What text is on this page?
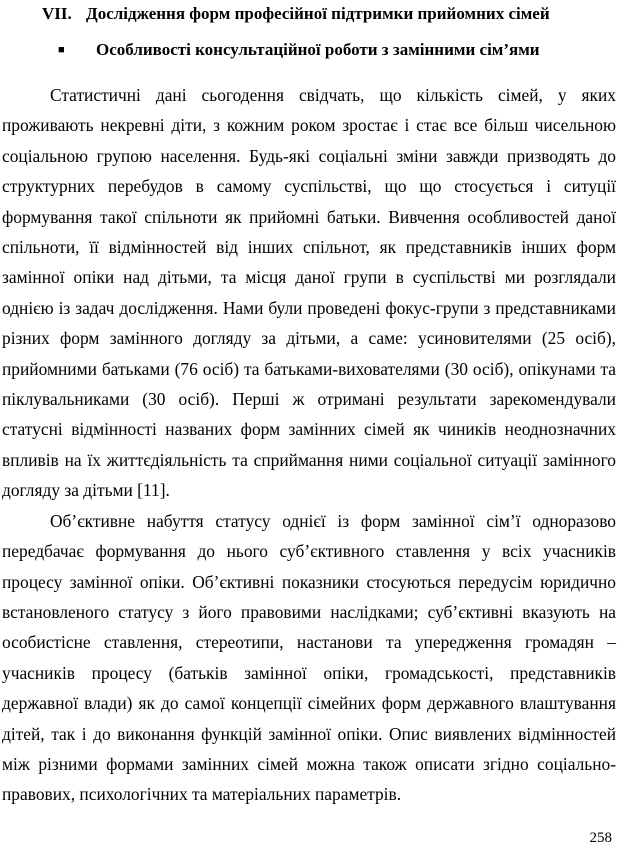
VII. Дослідження форм професійної підтримки прийомних сімей
■ Особливості консультаційної роботи з замінними сім’ями

Статистичні дані сьогодення свідчать, що кількість сімей, у яких проживають некревні діти, з кожним роком зростає і стає все більш чисельною соціальною групою населення. Будь-які соціальні зміни завжди призводять до структурних перебудов в самому суспільстві, що що стосується і ситуції формування такої спільноти як прийомні батьки. Вивчення особливостей даної спільноти, її відмінностей від інших спільнот, як представників інших форм замінної опіки над дітьми, та місця даної групи в суспільстві ми розглядали однією із задач дослідження. Нами були проведені фокус-групи з представниками різних форм замінного догляду за дітьми, а саме: усиновителями (25 осіб), прийомними батьками (76 осіб) та батьками-вихователями (30 осіб), опікунами та піклувальниками (30 осіб). Перші ж отримані результати зарекомендували статусні відмінності названих форм замінних сімей як чиників неоднозначних впливів на їх життєдіяльність та сприймання ними соціальної ситуації замінного догляду за дітьми [11].

Об’єктивне набуття статусу однієї із форм замінної сім’ї одноразово передбачає формування до нього суб’єктивного ставлення у всіх учасників процесу замінної опіки. Об’єктивні показники стосуються передусім юридично встановленого статусу з його правовими наслідками; суб’єктивні вказують на особистісне ставлення, стереотипи, настанови та упередження громадян – учасників процесу (батьків замінної опіки, громадськості, представників державної влади) як до самої концепції сімейних форм державного влаштування дітей, так і до виконання функцій замінної опіки. Опис виявлених відмінностей між різними формами замінних сімей можна також описати згідно соціально-правових, психологічних та матеріальних параметрів.

258
